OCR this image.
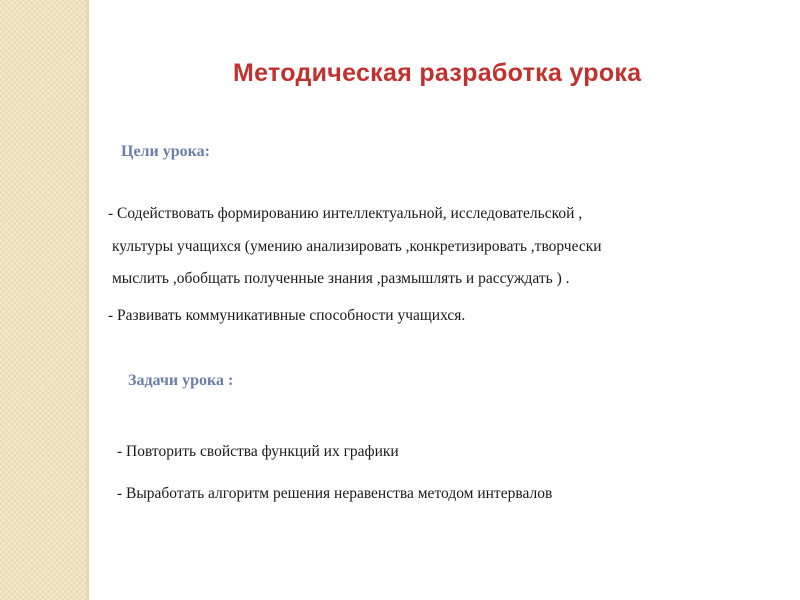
Методическая разработка урока
Цели урока:
- Содействовать формированию интеллектуальной, исследовательской ,
культуры учащихся (умению анализировать ,конкретизировать ,творчески
мыслить ,обобщать полученные знания ,размышлять и рассуждать ) .
- Развивать коммуникативные способности учащихся.
Задачи урока :
- Повторить свойства функций их графики
- Выработать алгоритм решения неравенства методом интервалов
